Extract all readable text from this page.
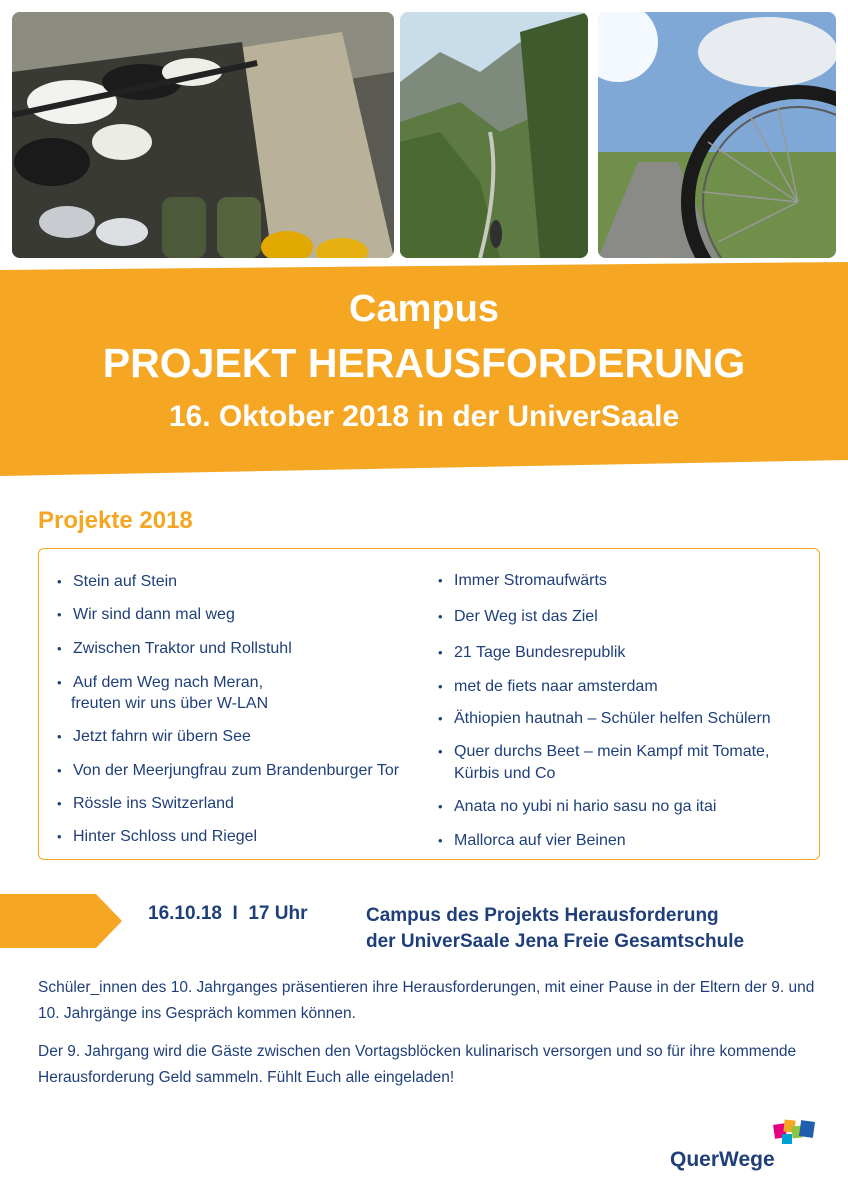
Campus
PROJEKT HERAUSFORDERUNG
16. Oktober 2018 in der UniverSaale
Projekte 2018
• Stein auf Stein
• Wir sind dann mal weg
• Zwischen Traktor und Rollstuhl
• Auf dem Weg nach Meran,
freuten wir uns über W-LAN
• Jetzt fahrn wir übern See
• Von der Meerjungfrau zum Brandenburger Tor
• Rössle ins Switzerland
• Hinter Schloss und Riegel
• Immer Stromaufwärts
• Der Weg ist das Ziel
• 21 Tage Bundesrepublik
• met de fiets naar amsterdam
• Äthiopien hautnah – Schüler helfen Schülern
• Quer durchs Beet – mein Kampf mit Tomate,
Kürbis und Co
• Anata no yubi ni hario sasu no ga itai
• Mallorca auf vier Beinen
16.10.18  I  17 Uhr	Campus des Projekts Herausforderung
der UniverSaale Jena Freie Gesamtschule

Schüler_innen des 10. Jahrganges präsentieren ihre Herausforderungen, mit einer Pause in der Eltern der 9. und 10. Jahrgänge ins Gespräch kommen können.

Der 9. Jahrgang wird die Gäste zwischen den Vortagsblöcken kulinarisch versorgen und so für ihre kommende Herausforderung Geld sammeln. Fühlt Euch alle eingeladen!

QuerWege
